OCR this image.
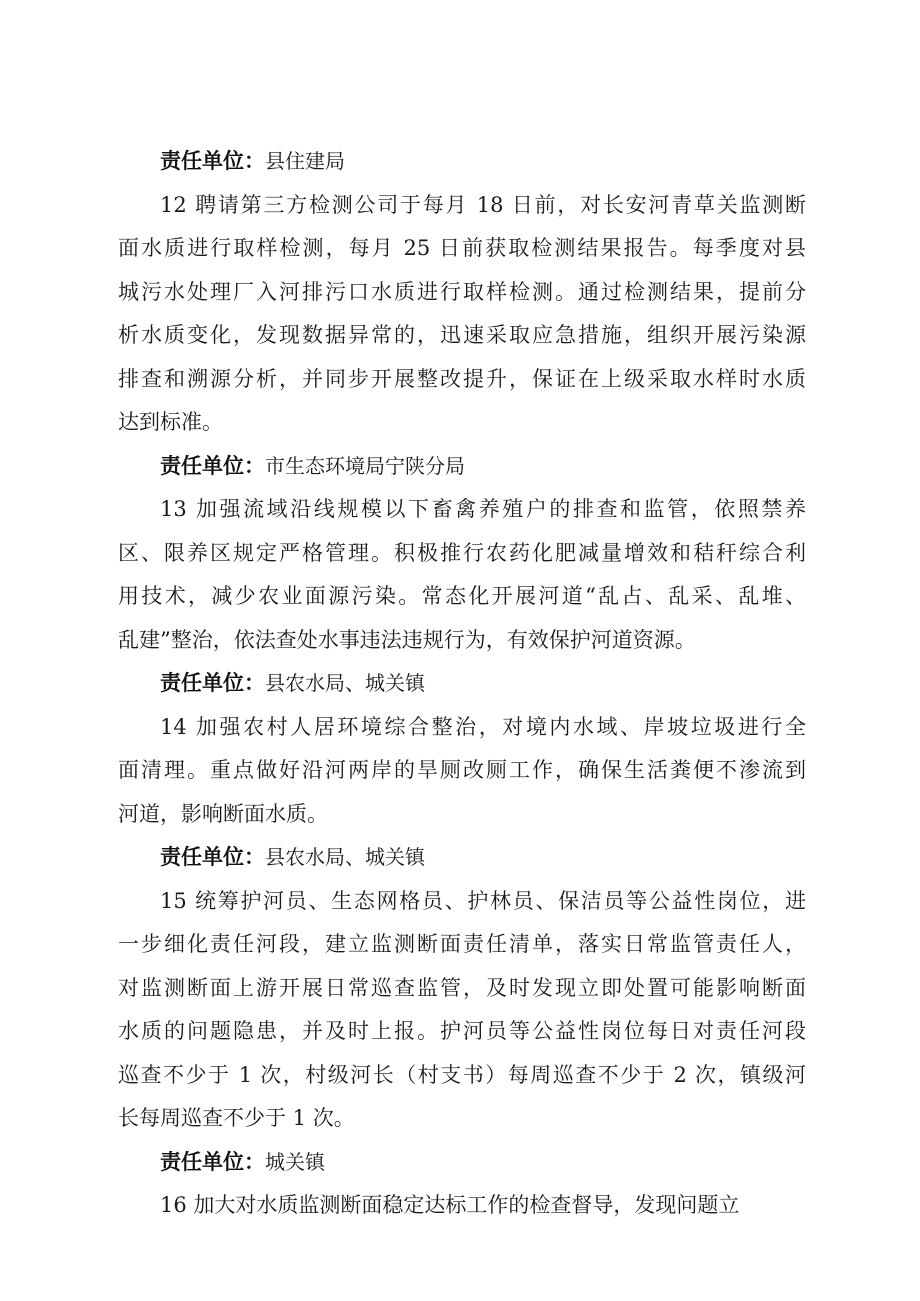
责任单位：县住建局
12 聘请第三方检测公司于每月 18 日前，对长安河青草关监测断
面水质进行取样检测，每月 25 日前获取检测结果报告。每季度对县
城污水处理厂入河排污口水质进行取样检测。通过检测结果，提前分
析水质变化，发现数据异常的，迅速采取应急措施，组织开展污染源
排查和溯源分析，并同步开展整改提升，保证在上级采取水样时水质
达到标准。
责任单位：市生态环境局宁陕分局
13 加强流域沿线规模以下畜禽养殖户的排查和监管，依照禁养
区、限养区规定严格管理。积极推行农药化肥减量增效和秸秆综合利
用技术，减少农业面源污染。常态化开展河道“乱占、乱采、乱堆、
乱建”整治，依法查处水事违法违规行为，有效保护河道资源。
责任单位：县农水局、城关镇
14 加强农村人居环境综合整治，对境内水域、岸坡垃圾进行全
面清理。重点做好沿河两岸的旱厕改厕工作，确保生活粪便不渗流到
河道，影响断面水质。
责任单位：县农水局、城关镇
15 统筹护河员、生态网格员、护林员、保洁员等公益性岗位，进
一步细化责任河段，建立监测断面责任清单，落实日常监管责任人，
对监测断面上游开展日常巡查监管，及时发现立即处置可能影响断面
水质的问题隐患，并及时上报。护河员等公益性岗位每日对责任河段
巡查不少于 1 次，村级河长（村支书）每周巡查不少于 2 次，镇级河
长每周巡查不少于 1 次。
责任单位：城关镇
16 加大对水质监测断面稳定达标工作的检查督导，发现问题立
